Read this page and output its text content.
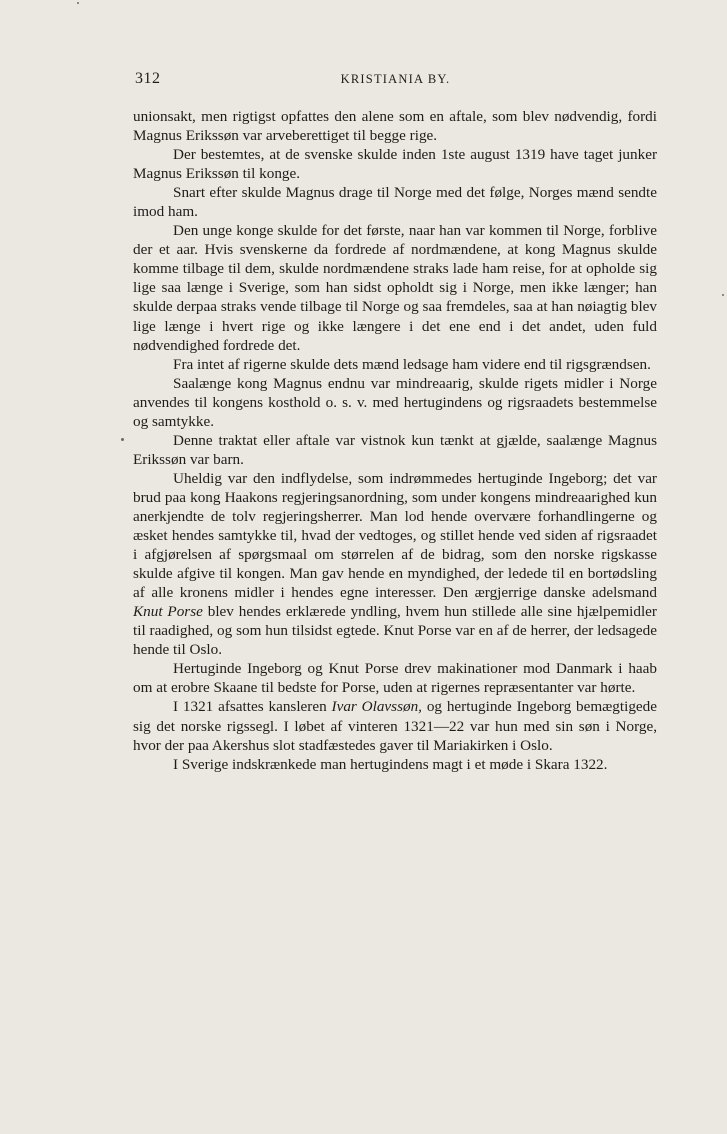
312	KRISTIANIA BY.

unionsakt, men rigtigst opfattes den alene som en aftale, som blev nødvendig, fordi Magnus Erikssøn var arveberettiget til begge rige.

Der bestemtes, at de svenske skulde inden 1ste august 1319 have taget junker Magnus Erikssøn til konge.

Snart efter skulde Magnus drage til Norge med det følge, Norges mænd sendte imod ham.

Den unge konge skulde for det første, naar han var kommen til Norge, forblive der et aar. Hvis svenskerne da fordrede af nordmændene, at kong Magnus skulde komme tilbage til dem, skulde nordmændene straks lade ham reise, for at opholde sig lige saa længe i Sverige, som han sidst opholdt sig i Norge, men ikke længer; han skulde derpaa straks vende tilbage til Norge og saa fremdeles, saa at han nøiagtig blev lige længe i hvert rige og ikke længere i det ene end i det andet, uden fuld nødvendighed fordrede det.

Fra intet af rigerne skulde dets mænd ledsage ham videre end til rigsgrændsen.

Saalænge kong Magnus endnu var mindreaarig, skulde rigets midler i Norge anvendes til kongens kosthold o. s. v. med hertugindens og rigsraadets bestemmelse og samtykke.

Denne traktat eller aftale var vistnok kun tænkt at gjælde, saalænge Magnus Erikssøn var barn.

Uheldig var den indflydelse, som indrømmedes hertuginde Ingeborg; det var brud paa kong Haakons regjeringsanordning, som under kongens mindreaarighed kun anerkjendte de tolv regjeringsherrer. Man lod hende overvære forhandlingerne og æsket hendes samtykke til, hvad der vedtoges, og stillet hende ved siden af rigsraadet i afgjørelsen af spørgsmaal om størrelen af de bidrag, som den norske rigskasse skulde afgive til kongen. Man gav hende en myndighed, der ledede til en bortødsling af alle kronens midler i hendes egne interesser. Den ærgjerrige danske adelsmand Knut Porse blev hendes erklærede yndling, hvem hun stillede alle sine hjælpemidler til raadighed, og som hun tilsidst egtede. Knut Porse var en af de herrer, der ledsagede hende til Oslo.

Hertuginde Ingeborg og Knut Porse drev makinationer mod Danmark i haab om at erobre Skaane til bedste for Porse, uden at rigernes repræsentanter var hørte.

I 1321 afsattes kansleren Ivar Olavssøn, og hertuginde Ingeborg bemægtigede sig det norske rigssegl. I løbet af vinteren 1321—22 var hun med sin søn i Norge, hvor der paa Akershus slot stadfæstedes gaver til Mariakirken i Oslo.

I Sverige indskrænkede man hertugindens magt i et møde i Skara 1322.
